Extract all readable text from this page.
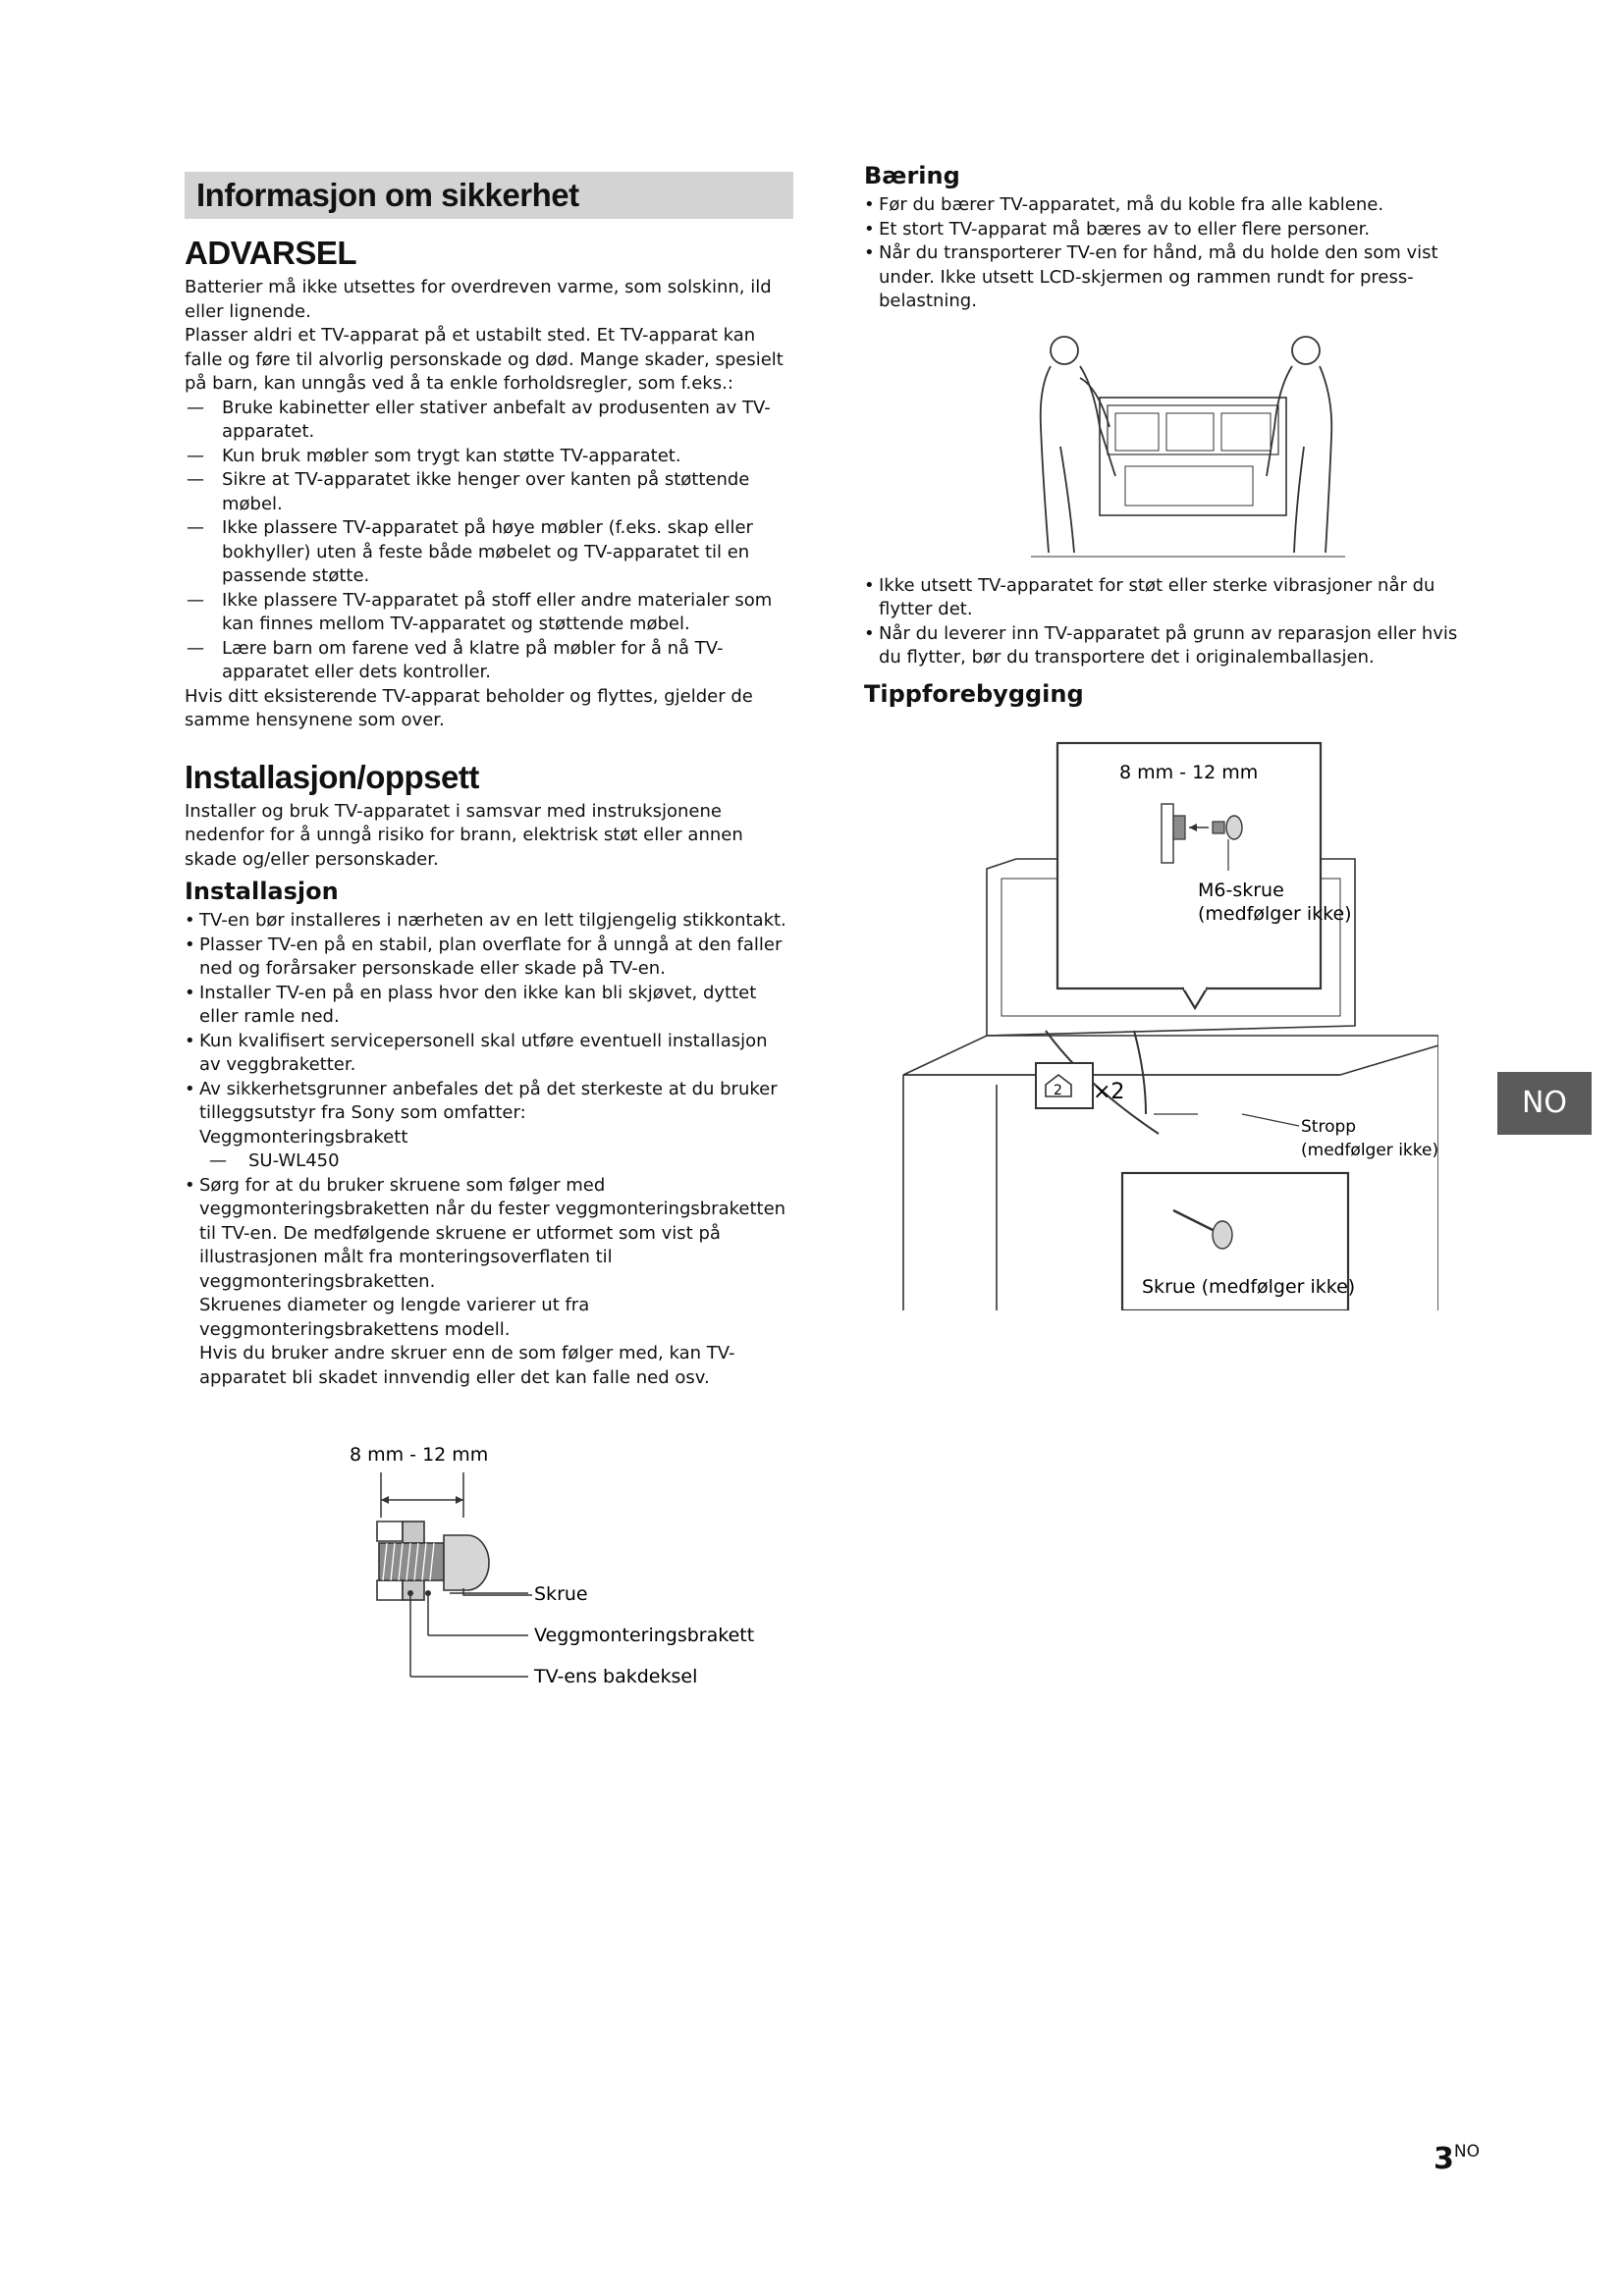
Informasjon om sikkerhet
ADVARSEL

Batterier må ikke utsettes for overdreven varme, som solskinn, ild eller lignende.

Plasser aldri et TV-apparat på et ustabilt sted. Et TV-apparat kan falle og føre til alvorlig personskade og død. Mange skader, spesielt på barn, kan unngås ved å ta enkle forholdsregler, som f.eks.:

—	Bruke kabinetter eller stativer anbefalt av produsenten av TV-apparatet.
—	Kun bruk møbler som trygt kan støtte TV-apparatet.
—	Sikre at TV-apparatet ikke henger over kanten på støttende møbel.
—	Ikke plassere TV-apparatet på høye møbler (f.eks. skap eller bokhyller) uten å feste både møbelet og TV-apparatet til en passende støtte.
—	Ikke plassere TV-apparatet på stoff eller andre materialer som kan finnes mellom TV-apparatet og støttende møbel.
—	Lære barn om farene ved å klatre på møbler for å nå TV-apparatet eller dets kontroller.

Hvis ditt eksisterende TV-apparat beholder og flyttes, gjelder de samme hensynene som over.

Installasjon/oppsett

Installer og bruk TV-apparatet i samsvar med instruksjonene nedenfor for å unngå risiko for brann, elektrisk støt eller annen skade og/eller personskader.

Installasjon
• TV-en bør installeres i nærheten av en lett tilgjengelig stikkontakt.
• Plasser TV-en på en stabil, plan overflate for å unngå at den faller ned og forårsaker personskade eller skade på TV-en.
• Installer TV-en på en plass hvor den ikke kan bli skjøvet, dyttet eller ramle ned.
• Kun kvalifisert servicepersonell skal utføre eventuell installasjon av veggbraketter.
• Av sikkerhetsgrunner anbefales det på det sterkeste at du bruker tilleggsutstyr fra Sony som omfatter:
Veggmonteringsbrakett
—	SU-WL450
• Sørg for at du bruker skruene som følger med veggmonteringsbraketten når du fester veggmonteringsbraketten til TV-en. De medfølgende skruene er utformet som vist på illustrasjonen målt fra monteringsoverflaten til veggmonteringsbraketten.
Skruenes diameter og lengde varierer ut fra veggmonteringsbrakettens modell.
Hvis du bruker andre skruer enn de som følger med, kan TV-apparatet bli skadet innvendig eller det kan falle ned osv.
8 mm - 12 mm
Skrue
Veggmonteringsbrakett
TV-ens bakdeksel
Bæring
• Før du bærer TV-apparatet, må du koble fra alle kablene.
• Et stort TV-apparat må bæres av to eller flere personer.
• Når du transporterer TV-en for hånd, må du holde den som vist under. Ikke utsett LCD-skjermen og rammen rundt for press-belastning.
• Ikke utsett TV-apparatet for støt eller sterke vibrasjoner når du flytter det.
• Når du leverer inn TV-apparatet på grunn av reparasjon eller hvis du flytter, bør du transportere det i originalemballasjen.
Tippforebygging
8 mm - 12 mm
M6-skrue
(medfølger ikke)
2 ×2
Stropp
(medfølger ikke)
Skrue (medfølger ikke)
NO
$3^{NO}$
